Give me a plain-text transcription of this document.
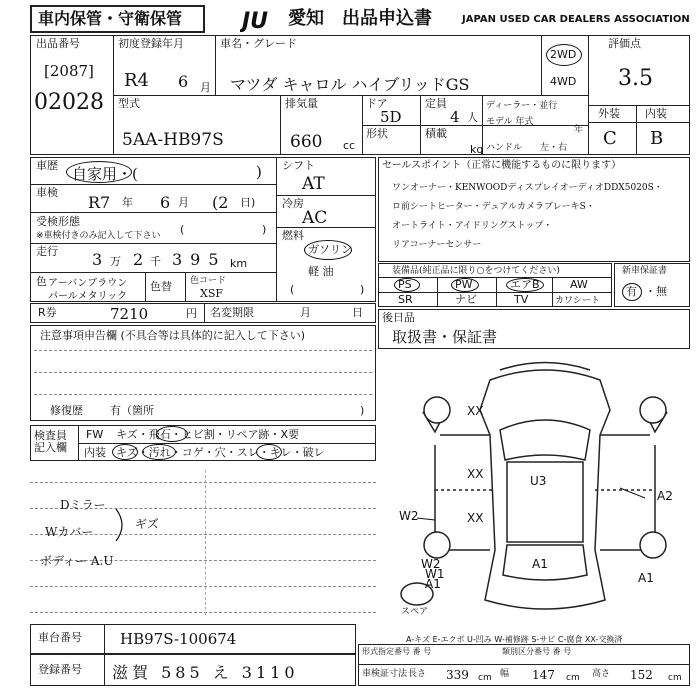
車内保管・守衛保管	JU 愛知 出品申込書	JAPAN USED CAR DEALERS ASSOCIATION
出品番号
[2087]
02028
初度登録年月
R4 6 月
車名・グレード
マツダ キャロル ハイブリッドGS
2WD
4WD
評価点
3.5
外装 内装
C B
型式
5AA-HB97S
排気量
660 cc
ドア
5D
定員
4 人
形状	積載
kg
ディーラー・並行
モデル 年式
年
ハンドル 左・右
車歴 自家用・(	)
車検
R7 年 6 月 (2 日)
受検形態
※車検付きのみ記入して下さい (	)
走行 3 万 2 千 395 km
色 アーバンブラウン
パールメタリック
色替 色コード
XSF
シフト
AT
冷房
AC
燃料
ガソリン
軽 油
(	)
セールスポイント（正常に機能するものに限ります）
ワンオーナー・KENWOODディスプレイオーディオDDX5020S・
ロ前シートヒーター・デュアルカメラブレーキS・
オートライト・アイドリングストップ・
リアコーナーセンサー
装備品(純正品に限り○をつけてください)
PS	PW	エアB	AW
SR	ナビ	TV	カワシート
新車保証書
有 ・無
R券	7210	円 名変期限	月	日
注意事項申告欄 (不具合等は具体的に記入して下さい)
修復歴 有（箇所	)
後日品
取扱書・保証書
検査員記入欄
FW キズ・飛石・ヒビ割・リペア跡・X要
内装 キズ・汚れ・コゲ・穴・スレ・キレ・破レ
Dミラー
Wカバー
ギズ
ボディー A.U
XX
XX
XX
U3
A2
W2
A1
W2
W1
A1	A1
スペア
A-キズ E-エクボ U-凹み W-補修跡 S-サビ C-腐食 XX-交換済
車台番号	HB97S-100674
登録番号 滋賀 585 え 3110
形式指定番号 番 号	類別区分番号 番 号
車検証寸法 長さ 339 cm 幅 147 cm 高さ 152 cm
